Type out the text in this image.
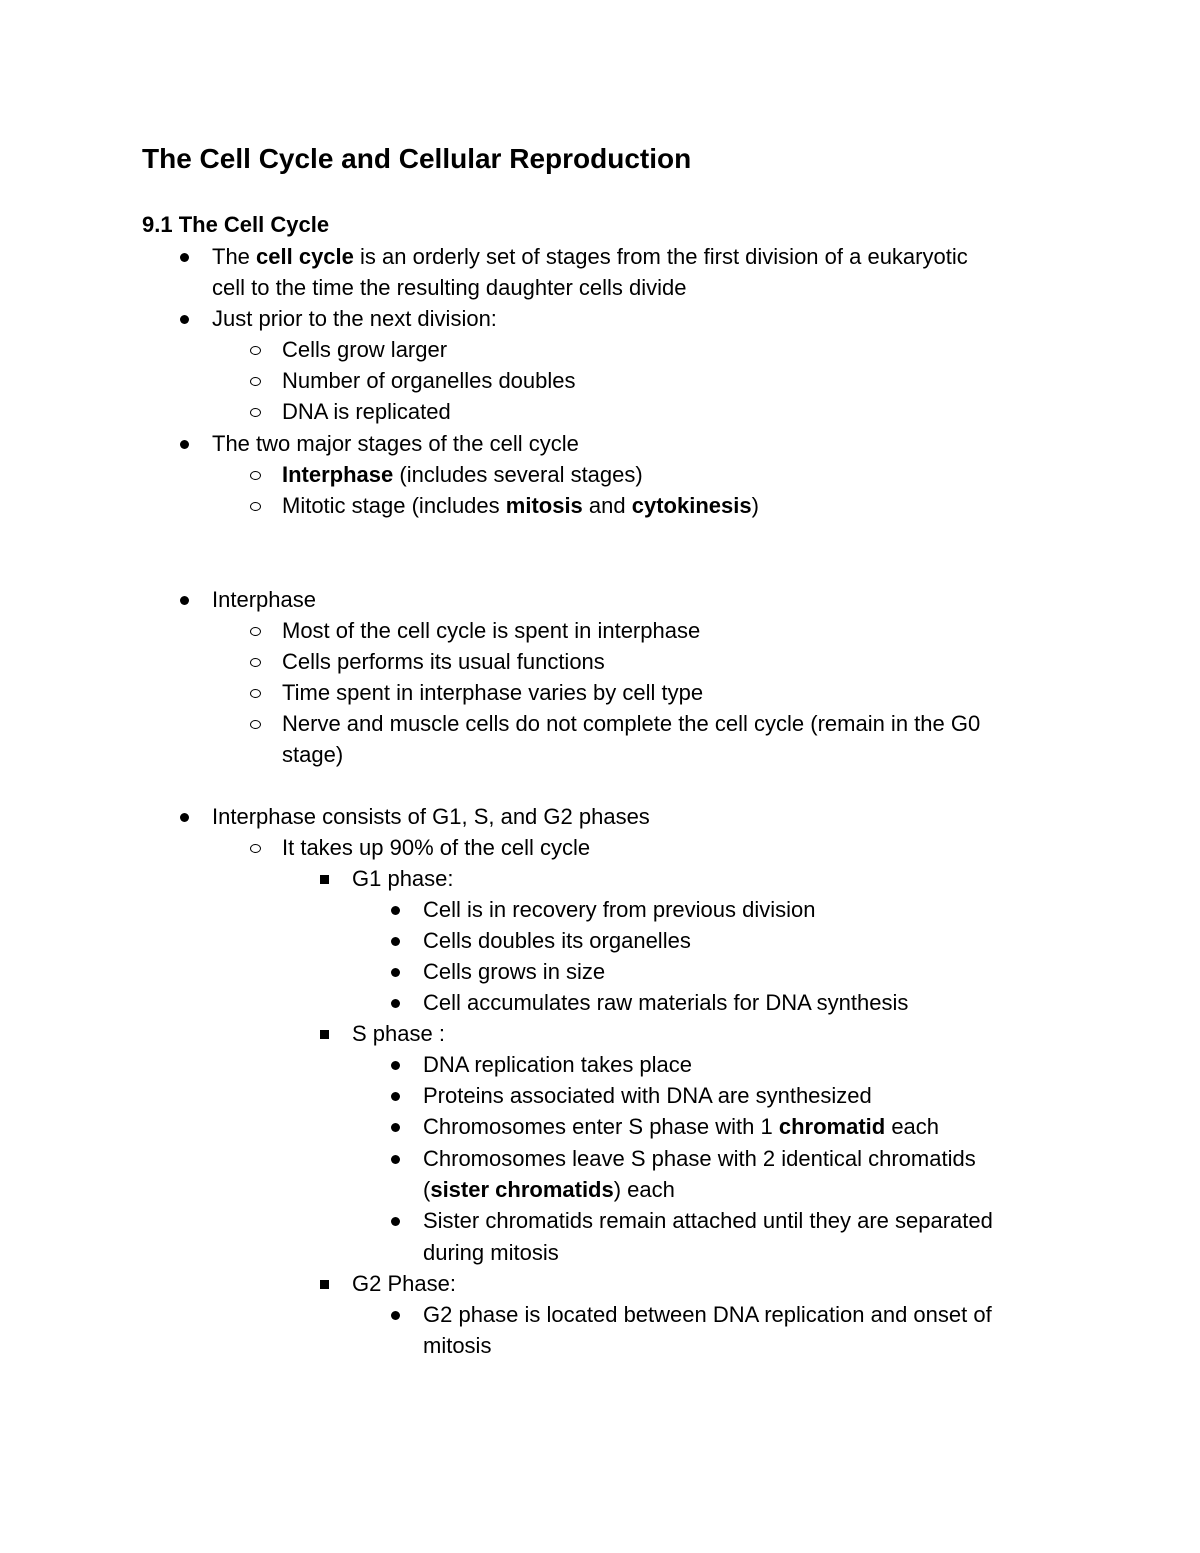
The Cell Cycle and Cellular Reproduction
9.1 The Cell Cycle
The cell cycle is an orderly set of stages from the first division of a eukaryotic
cell to the time the resulting daughter cells divide
Just prior to the next division:
Cells grow larger
Number of organelles doubles
DNA is replicated
The two major stages of the cell cycle
Interphase (includes several stages)
Mitotic stage (includes mitosis and cytokinesis)
Interphase
Most of the cell cycle is spent in interphase
Cells performs its usual functions
Time spent in interphase varies by cell type
Nerve and muscle cells do not complete the cell cycle (remain in the G0
stage)
Interphase consists of G1, S, and G2 phases
It takes up 90% of the cell cycle
G1 phase:
Cell is in recovery from previous division
Cells doubles its organelles
Cells grows in size
Cell accumulates raw materials for DNA synthesis
S phase :
DNA replication takes place
Proteins associated with DNA are synthesized
Chromosomes enter S phase with 1 chromatid each
Chromosomes leave S phase with 2 identical chromatids
(sister chromatids) each
Sister chromatids remain attached until they are separated
during mitosis
G2 Phase:
G2 phase is located between DNA replication and onset of
mitosis
